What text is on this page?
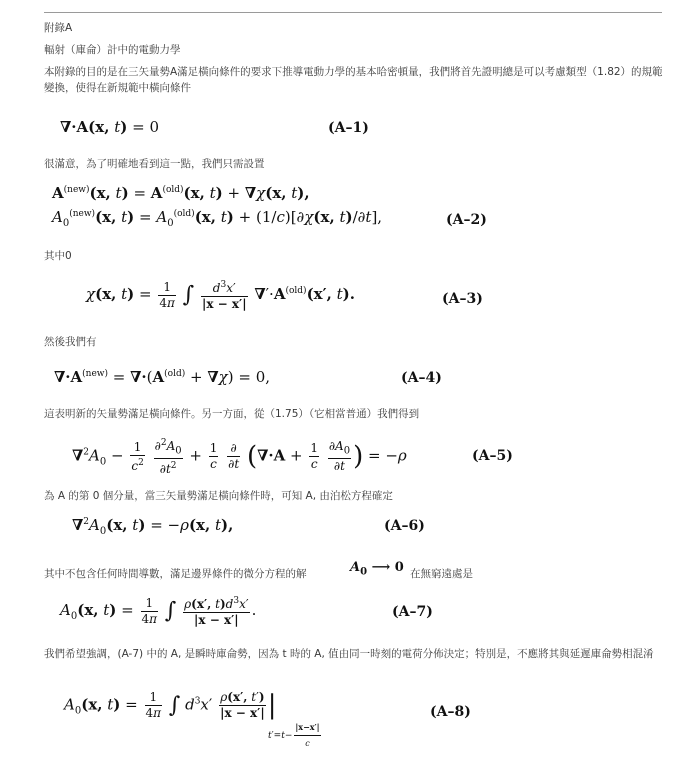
附錄A
輻射（庫侖）計中的電動力學
本附錄的目的是在三矢量勢A滿足橫向條件的要求下推導電動力學的基本哈密頓量，我們將首先證明總是可以考慮類型（1.82）的規範變換，使得在新規範中橫向條件
∇·A(x, t) = 0	(A–1)
很滿意，為了明確地看到這一點，我們只需設置
$A^{(new)}(x$, $t) = A^{(old)}(x$, t) + ∇χ(x, t),
$A_0^{(new)}(x$, $t) = A_0^{(old)}(x$, t) + (1/c)[∂χ(x, t)/∂t],	(A–2)
其中0
χ(x, $t) = \frac{1}{4\pi}$ ∫ $\frac{d^3x'}{|x - x'|} \nabla'\cdot A^{(old)}(x'$, t).	(A–3)
然後我們有
$\nabla\cdot A^{(new)} = \nabla\cdot(A^{(old)} + \nabla\chi) = 0$,	(A–4)
這表明新的矢量勢滿足橫向條件。另一方面，從（1.75）（它相當普通）我們得到
$\nabla^2A_0 - \frac{1}{c^2}$
$\frac{\partial^2A_0}{\partial t^2} + \frac{1}{c}$
$\frac{\partial}{\partial t} (\nabla\cdot A + \frac{1}{c}$
$\frac{\partial A_0}{\partial t}$ ) = −ρ	(A–5)
為 A 的第 0 個分量，當三矢量勢滿足橫向條件時，可知 A, 由泊松方程確定
$\nabla^2A_0(x$, t) = −ρ(x, t),	(A–6)
其中不包含任何時間導數，滿足邊界條件的微分方程的解	$A_0$ ⟶ 0 在無窮遠處是
$A_0(x$, $t) = \frac{1}{4\pi}$ ∫ $\frac{\rho(x', t)d^3x'}{|x - x'|}$ .	(A–7)
我們希望強調，(A-7) 中的 A, 是瞬時庫侖勢，因為 t 時的 A, 值由同一時刻的電荷分佈決定；特別是，不應將其與延遲庫侖勢相混淆
$A_0(x$, $t) = \frac{1}{4\pi}$ ∫ $d^3x' \frac{\rho(x', t')}{|x - x'|}$ |
$t'=t- \frac{|x-x'|}{c}$
(A–8)
